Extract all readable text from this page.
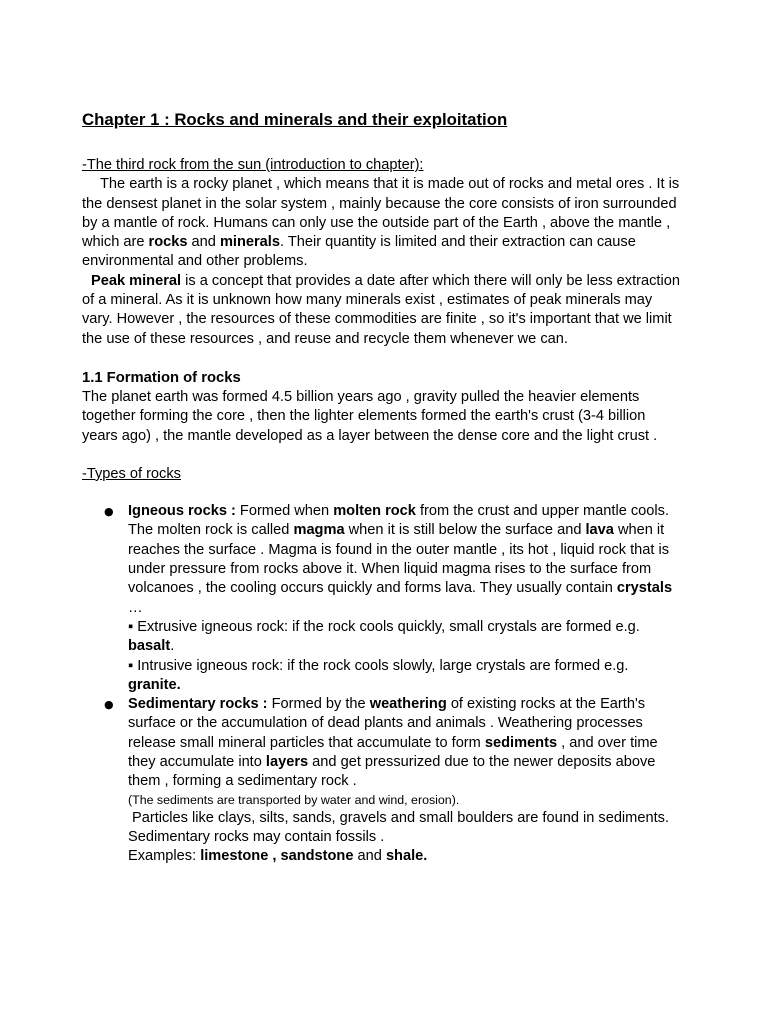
Chapter 1 : Rocks and minerals and their exploitation

-The third rock from the sun (introduction to chapter):

The earth is a rocky planet , which means that it is made out of rocks and metal ores . It is the densest planet in the solar system , mainly because the core consists of iron surrounded by a mantle of rock. Humans can only use the outside part of the Earth , above the mantle , which are rocks and minerals. Their quantity is limited and their extraction can cause environmental and other problems.

Peak mineral is a concept that provides a date after which there will only be less extraction of a mineral. As it is unknown how many minerals exist , estimates of peak minerals may vary. However , the resources of these commodities are finite , so it's important that we limit the use of these resources , and reuse and recycle them whenever we can.

1.1 Formation of rocks

The planet earth was formed 4.5 billion years ago , gravity pulled the heavier elements together forming the core , then the lighter elements formed the earth's crust (3-4 billion years ago) , the mantle developed as a layer between the dense core and the light crust .

-Types of rocks

● Igneous rocks : Formed when molten rock from the crust and upper mantle cools. The molten rock is called magma when it is still below the surface and lava when it reaches the surface . Magma is found in the outer mantle , its hot , liquid rock that is under pressure from rocks above it. When liquid magma rises to the surface from volcanoes , the cooling occurs quickly and forms lava. They usually contain crystals …

▪ Extrusive igneous rock: if the rock cools quickly, small crystals are formed e.g. basalt.

▪ Intrusive igneous rock: if the rock cools slowly, large crystals are formed e.g. granite.

● Sedimentary rocks : Formed by the weathering of existing rocks at the Earth's surface or the accumulation of dead plants and animals . Weathering processes release small mineral particles that accumulate to form sediments , and over time they accumulate into layers and get pressurized due to the newer deposits above them , forming a sedimentary rock .

(The sediments are transported by water and wind, erosion).

Particles like clays, silts, sands, gravels and small boulders are found in sediments. Sedimentary rocks may contain fossils .

Examples: limestone , sandstone and shale.
